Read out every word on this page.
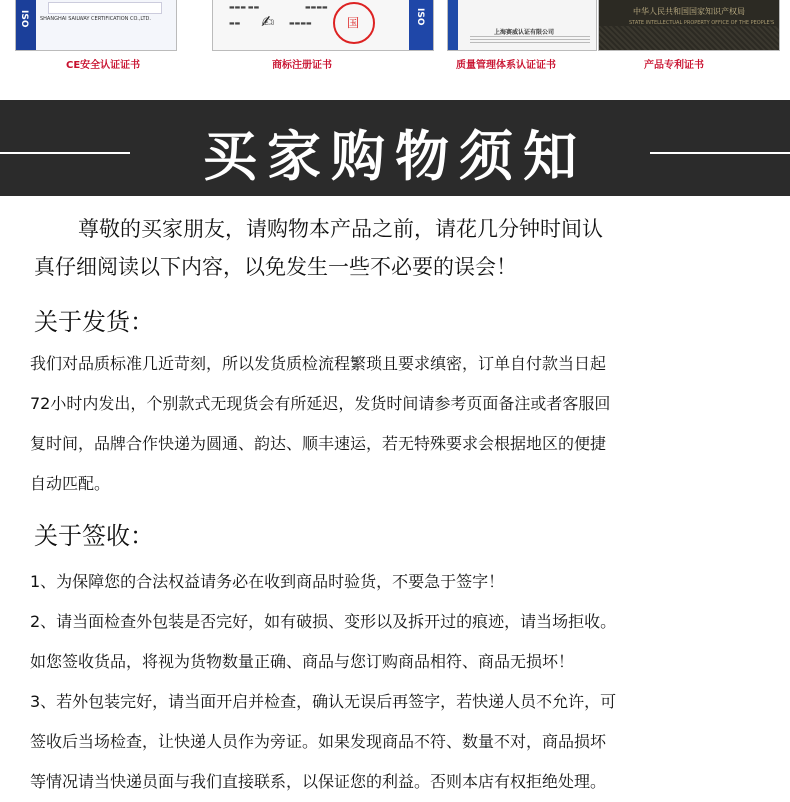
ISO SHANGHAI SAILWAY CERTIFICATION CO.,LTD.
▬▬▬ ▬▬
▬▬	▬▬▬▬
▬▬▬▬
✍︎	国	ISO
上海赛威认证有限公司
中华人民共和国国家知识产权局
STATE INTELLECTUAL PROPERTY OFFICE OF THE PEOPLE'S
CE安全认证证书	商标注册证书	质量管理体系认证证书	产品专利证书
买家购物须知
尊敬的买家朋友，请购物本产品之前，请花几分钟时间认
真仔细阅读以下内容，以免发生一些不必要的误会！
关于发货：
我们对品质标准几近苛刻，所以发货质检流程繁琐且要求缜密，订单自付款当日起
72小时内发出，个别款式无现货会有所延迟，发货时间请参考页面备注或者客服回
复时间，品牌合作快递为圆通、韵达、顺丰速运，若无特殊要求会根据地区的便捷
自动匹配。
关于签收：
1、为保障您的合法权益请务必在收到商品时验货，不要急于签字！
2、请当面检查外包装是否完好，如有破损、变形以及拆开过的痕迹，请当场拒收。
如您签收货品，将视为货物数量正确、商品与您订购商品相符、商品无损坏！
3、若外包装完好，请当面开启并检查，确认无误后再签字，若快递人员不允许，可
签收后当场检查，让快递人员作为旁证。如果发现商品不符、数量不对，商品损坏
等情况请当快递员面与我们直接联系，以保证您的利益。否则本店有权拒绝处理。
